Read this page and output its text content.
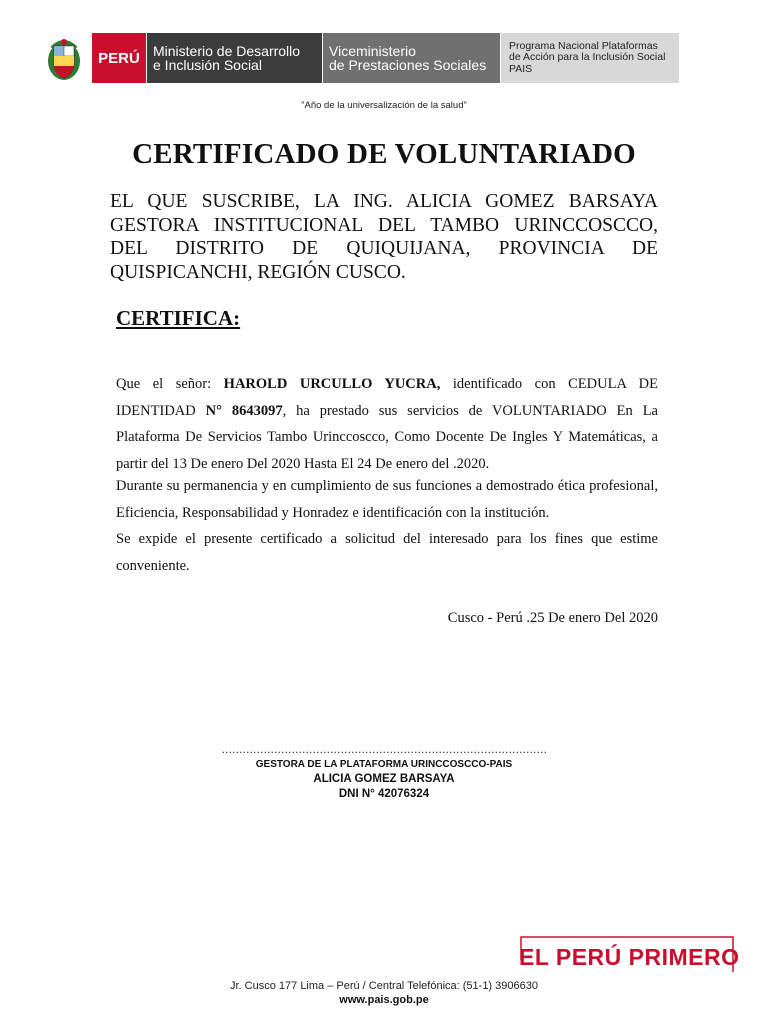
PERÚ Ministerio de Desarrollo
e Inclusión Social
Viceministerio
de Prestaciones Sociales
Programa Nacional Plataformas
de Acción para la Inclusión Social
PAIS
"Año de la universalización de la salud"
CERTIFICADO DE VOLUNTARIADO
EL QUE SUSCRIBE, LA ING. ALICIA GOMEZ BARSAYA GESTORA INSTITUCIONAL DEL TAMBO URINCCOSCCO, DEL DISTRITO DE QUIQUIJANA, PROVINCIA DE QUISPICANCHI, REGIÓN CUSCO.
CERTIFICA:
Que el señor: HAROLD URCULLO YUCRA, identificado con CEDULA DE IDENTIDAD N° 8643097, ha prestado sus servicios de VOLUNTARIADO En La Plataforma De Servicios Tambo Urinccoscco, Como Docente De Ingles Y Matemáticas, a partir del 13 De enero Del 2020 Hasta El 24 De enero del .2020.
Durante su permanencia y en cumplimiento de sus funciones a demostrado ética profesional, Eficiencia, Responsabilidad y Honradez e identificación con la institución.
Se expide el presente certificado a solicitud del interesado para los fines que estime conveniente.
Cusco - Perú .25 De enero Del 2020
…………………………………………………………………………………
GESTORA DE LA PLATAFORMA URINCCOSCCO-PAIS
ALICIA GOMEZ BARSAYA
DNI N° 42076324
EL PERÚ PRIMERO
Jr. Cusco 177 Lima – Perú / Central Telefónica: (51-1) 3906630
www.pais.gob.pe
